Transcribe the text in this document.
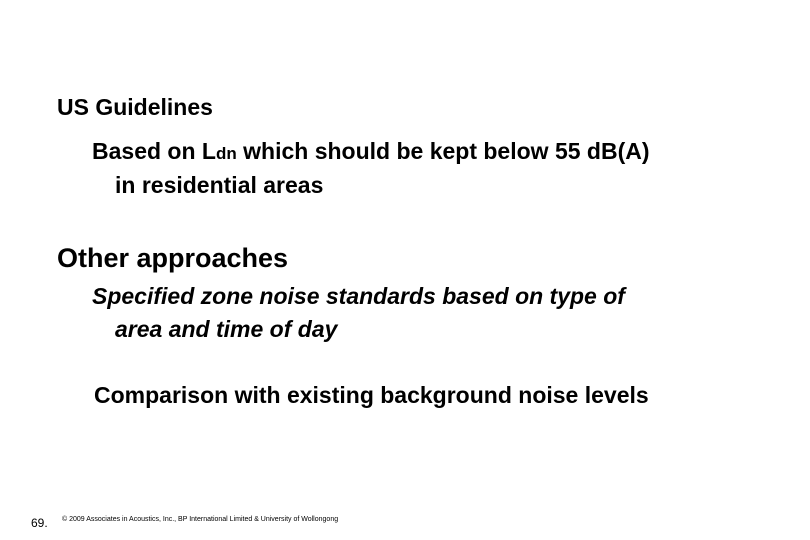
US Guidelines
Based on Ldn which should be kept below 55 dB(A)
in residential areas
Other approaches
Specified zone noise standards based on type of
area and time of day
Comparison with existing background noise levels
69. © 2009 Associates in Acoustics, Inc., BP International Limited & University of Wollongong
